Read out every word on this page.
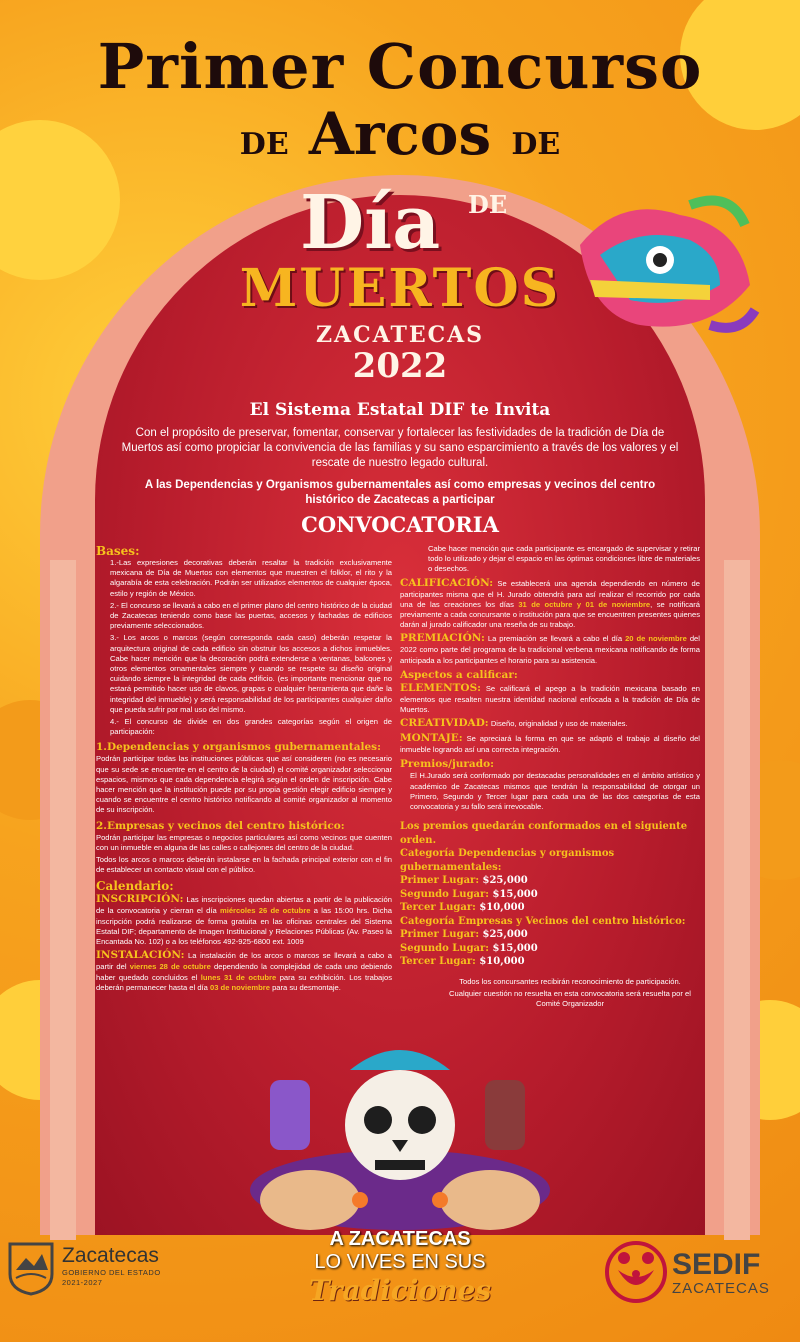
Primer Concurso
DE Arcos DE
Día DE
MUERTOS
ZACATECAS
2022
El Sistema Estatal DIF te Invita
Con el propósito de preservar, fomentar, conservar y fortalecer las festividades de la tradición de Día de Muertos así como propiciar la convivencia de las familias y su sano esparcimiento a través de los valores y el rescate de nuestro legado cultural.
A las Dependencias y Organismos gubernamentales así como empresas y vecinos del centro histórico de Zacatecas a participar
CONVOCATORIA
Bases:

1.-Las expresiones decorativas deberán resaltar la tradición exclusivamente mexicana de Día de Muertos con elementos que muestren el folklor, el rito y la algarabía de esta celebración. Podrán ser utilizados elementos de cualquier época, estilo y región de México.

2.- El concurso se llevará a cabo en el primer plano del centro histórico de la ciudad de Zacatecas teniendo como base las puertas, accesos y fachadas de edificios previamente seleccionados.

3.- Los arcos o marcos (según corresponda cada caso) deberán respetar la arquitectura original de cada edificio sin obstruir los accesos a dichos inmuebles. Cabe hacer mención que la decoración podrá extenderse a ventanas, balcones y otros elementos ornamentales siempre y cuando se respete su diseño original cuidando siempre la integridad de cada edificio. (es importante mencionar que no estará permitido hacer uso de clavos, grapas o cualquier herramienta que dañe la integridad del inmueble) y será responsabilidad de los participantes cualquier daño que pueda sufrir por mal uso del mismo.

4.- El concurso de divide en dos grandes categorías según el origen de participación:

1.Dependencias y organismos gubernamentales:

Podrán participar todas las instituciones públicas que así consideren (no es necesario que su sede se encuentre en el centro de la ciudad) el comité organizador seleccionar espacios, mismos que cada dependencia elegirá según el orden de inscripción. Cabe hacer mención que la institución puede por su propia gestión elegir edificio siempre y cuando se encuentre el centro histórico notificando al comité organizador al momento de su inscripción.

2.Empresas y vecinos del centro histórico:

Podrán participar las empresas o negocios particulares así como vecinos que cuenten con un inmueble en alguna de las calles o callejones del centro de la ciudad.

Todos los arcos o marcos deberán instalarse en la fachada principal exterior con el fin de establecer un contacto visual con el público.

Calendario:

INSCRIPCIÓN: Las inscripciones quedan abiertas a partir de la publicación de la convocatoria y cierran el día miércoles 26 de octubre a las 15:00 hrs. Dicha inscripción podrá realizarse de forma gratuita en las oficinas centrales del Sistema Estatal DIF; departamento de Imagen Institucional y Relaciones Públicas (Av. Paseo la Encantada No. 102) o a los teléfonos 492-925-6800 ext. 1009

INSTALACIÓN: La instalación de los arcos o marcos se llevará a cabo a partir del viernes 28 de octubre dependiendo la complejidad de cada uno debiendo haber quedado concluidos el lunes 31 de octubre para su exhibición. Los trabajos deberán permanecer hasta el día 03 de noviembre para su desmontaje.

Cabe hacer mención que cada participante es encargado de supervisar y retirar todo lo utilizado y dejar el espacio en las óptimas condiciones libre de materiales o desechos.

CALIFICACIÓN: Se establecerá una agenda dependiendo en número de participantes misma que el H. Jurado obtendrá para así realizar el recorrido por cada una de las creaciones los días 31 de octubre y 01 de noviembre, se notificará previamente a cada concursante o institución para que se encuentren presentes quienes darán al jurado calificador una reseña de su trabajo.

PREMIACIÓN: La premiación se llevará a cabo el día 20 de noviembre del 2022 como parte del programa de la tradicional verbena mexicana notificando de forma anticipada a los participantes el horario para su asistencia.

Aspectos a calificar:

ELEMENTOS: Se calificará el apego a la tradición mexicana basado en elementos que resalten nuestra identidad nacional enfocada a la tradición de Día de Muertos.

CREATIVIDAD: Diseño, originalidad y uso de materiales.

MONTAJE: Se apreciará la forma en que se adaptó el trabajo al diseño del inmueble logrando así una correcta integración.

Premios/jurado:

El H.Jurado será conformado por destacadas personalidades en el ámbito artístico y académico de Zacatecas mismos que tendrán la responsabilidad de otorgar un Primero, Segundo y Tercer lugar para cada una de las dos categorías de esta convocatoria y su fallo será irrevocable.

Los premios quedarán conformados en el siguiente orden.
Categoría Dependencias y organismos gubernamentales:
Primer Lugar: $25,000
Segundo Lugar: $15,000
Tercer Lugar: $10,000
Categoría Empresas y Vecinos del centro histórico:
Primer Lugar: $25,000
Segundo Lugar: $15,000
Tercer Lugar: $10,000

Todos los concursantes recibirán reconocimiento de participación.

Cualquier cuestión no resuelta en esta convocatoria será resuelta por el Comité Organizador

Zacatecas
GOBIERNO DEL ESTADO
2021-2027
A ZACATECAS
LO VIVES EN SUS
Tradiciones
SEDIF
ZACATECAS
